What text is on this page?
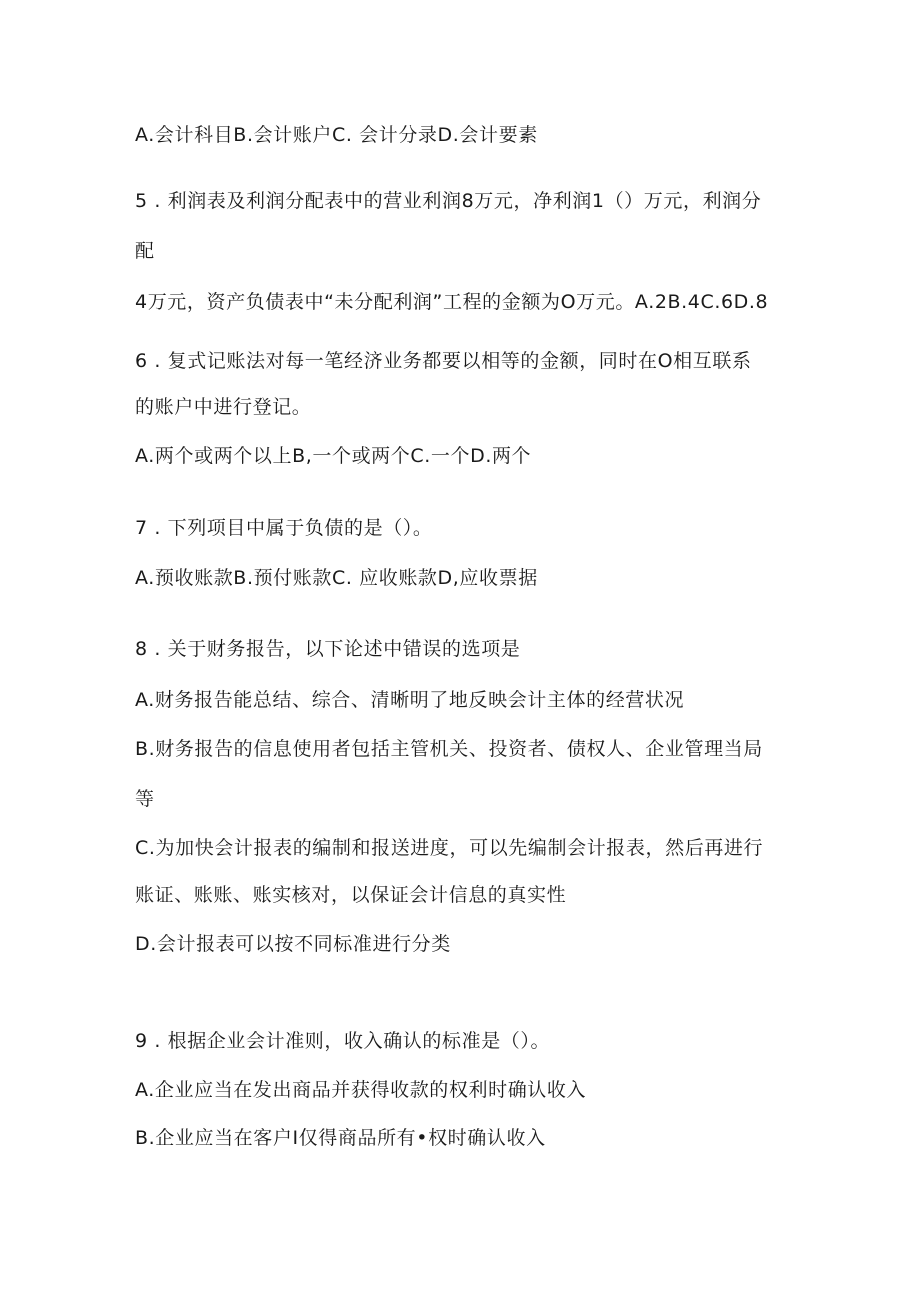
A.会计科目B.会计账户C. 会计分录D.会计要素
5 . 利润表及利润分配表中的营业利润8万元，净利润1（）万元，利润分
配
4万元，资产负债表中“未分配利润”工程的金额为O万元。A.2B.4C.6D.8
6 . 复式记账法对每一笔经济业务都要以相等的金额，同时在O相互联系
的账户中进行登记。
A.两个或两个以上B,一个或两个C.一个D.两个
7 . 下列项目中属于负债的是（）。
A.预收账款B.预付账款C. 应收账款D,应收票据
8 . 关于财务报告，以下论述中错误的选项是
A.财务报告能总结、综合、清晰明了地反映会计主体的经营状况
B.财务报告的信息使用者包括主管机关、投资者、债权人、企业管理当局
等
C.为加快会计报表的编制和报送进度，可以先编制会计报表，然后再进行
账证、账账、账实核对，以保证会计信息的真实性
D.会计报表可以按不同标准进行分类
9 . 根据企业会计准则，收入确认的标准是（）。
A.企业应当在发出商品并获得收款的权利时确认收入
B.企业应当在客户I仅得商品所有•权时确认收入
